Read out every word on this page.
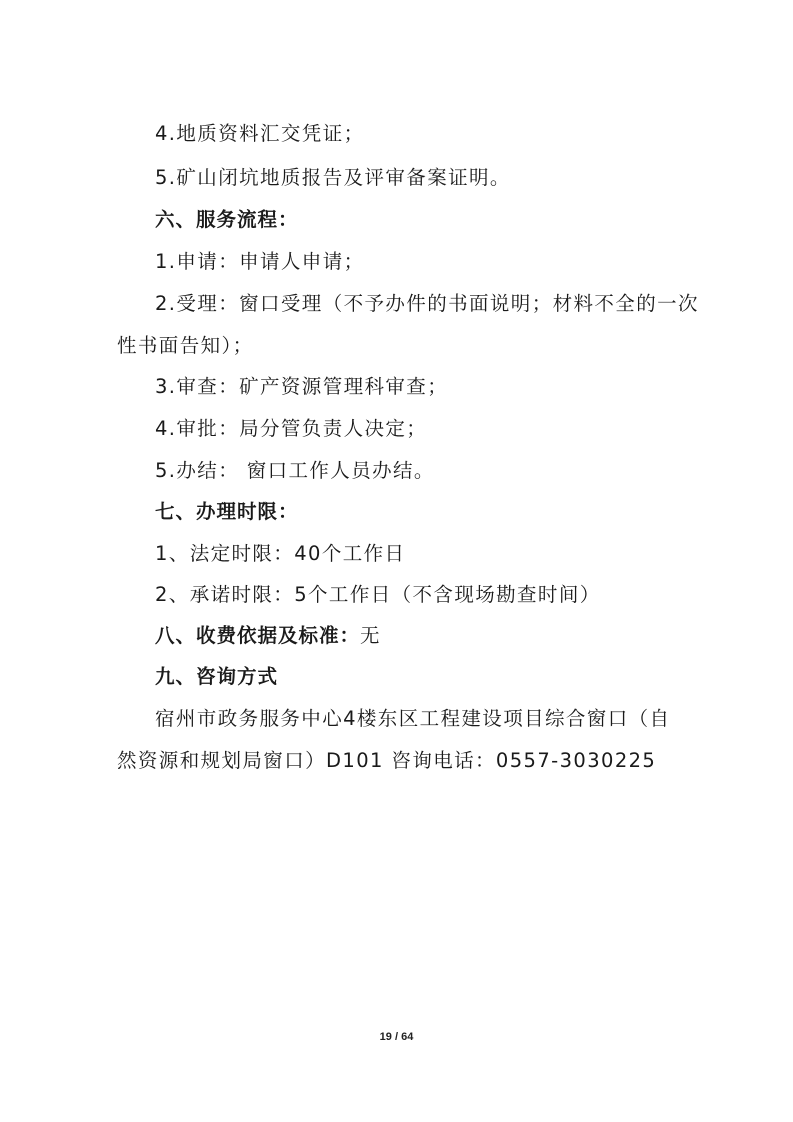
4.地质资料汇交凭证；
5.矿山闭坑地质报告及评审备案证明。
六、服务流程：
1.申请：申请人申请；
2.受理：窗口受理（不予办件的书面说明；材料不全的一次
性书面告知）；
3.审查：矿产资源管理科审查；
4.审批：局分管负责人决定；
5.办结： 窗口工作人员办结。
七、办理时限：
1、法定时限：40个工作日
2、承诺时限：5个工作日（不含现场勘查时间）
八、收费依据及标准：无
九、咨询方式
宿州市政务服务中心4楼东区工程建设项目综合窗口（自
然资源和规划局窗口）D101 咨询电话：0557-3030225
19 / 64
